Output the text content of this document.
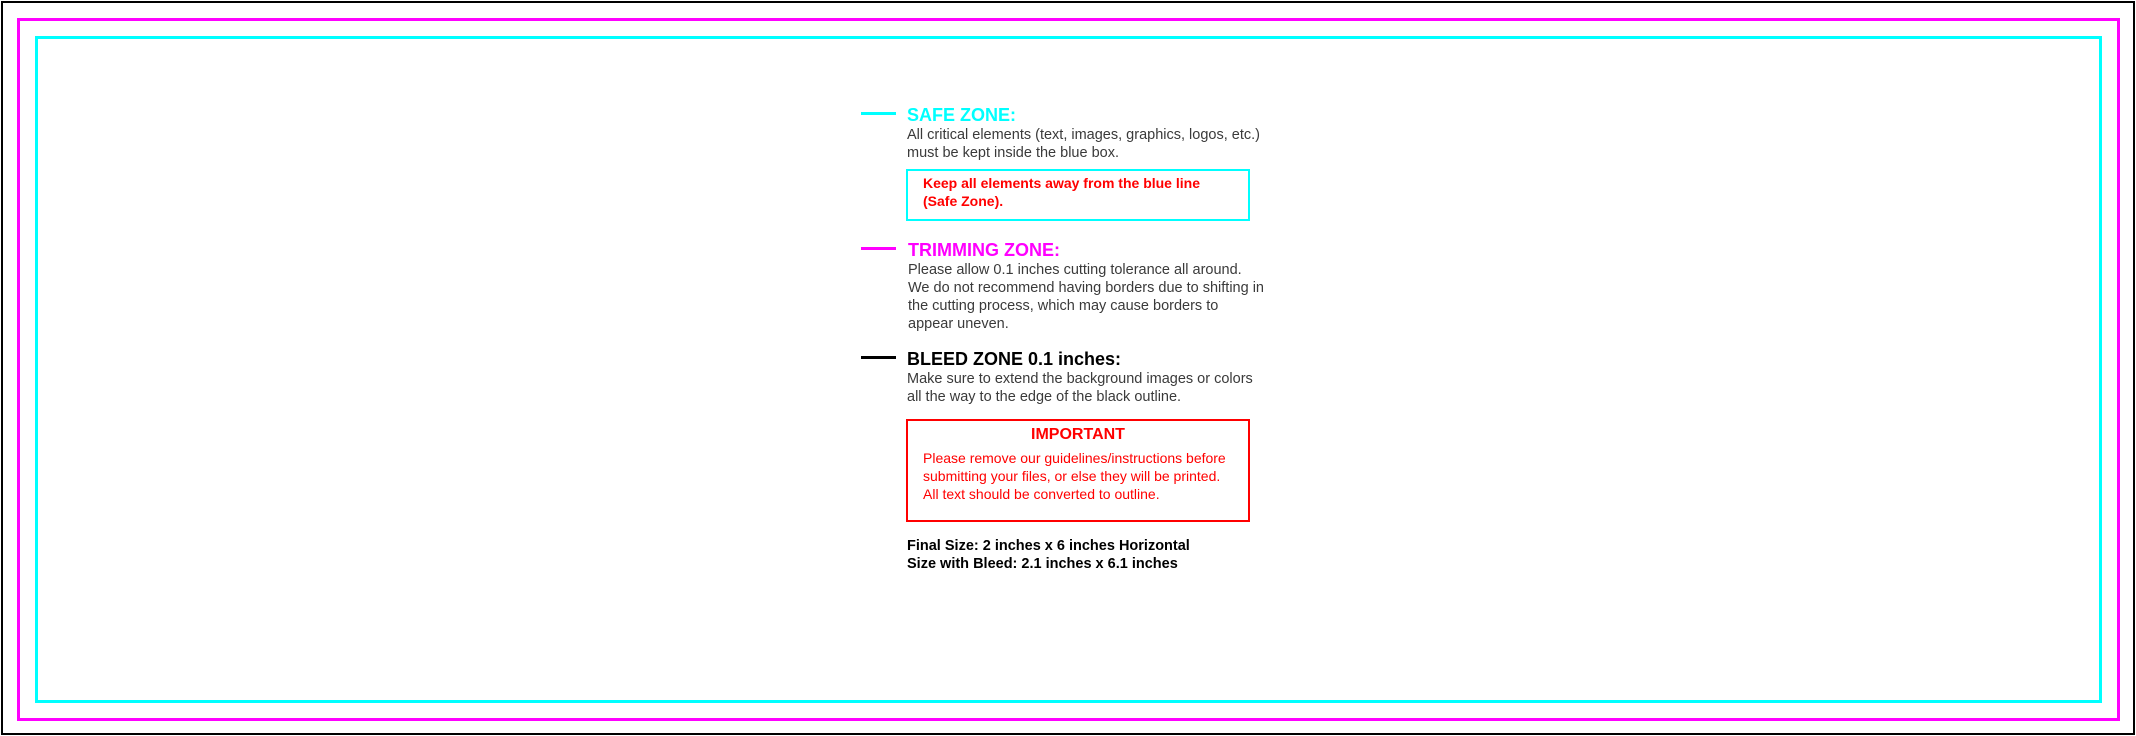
SAFE ZONE:
All critical elements (text, images, graphics, logos, etc.)
must be kept inside the blue box.
Keep all elements away from the blue line
(Safe Zone).
TRIMMING ZONE:
Please allow 0.1 inches cutting tolerance all around.
We do not recommend having borders due to shifting in
the cutting process, which may cause borders to
appear uneven.
BLEED ZONE 0.1 inches:
Make sure to extend the background images or colors
all the way to the edge of the black outline.
IMPORTANT
Please remove our guidelines/instructions before
submitting your files, or else they will be printed.
All text should be converted to outline.
Final Size: 2 inches x 6 inches Horizontal
Size with Bleed: 2.1 inches x 6.1 inches
